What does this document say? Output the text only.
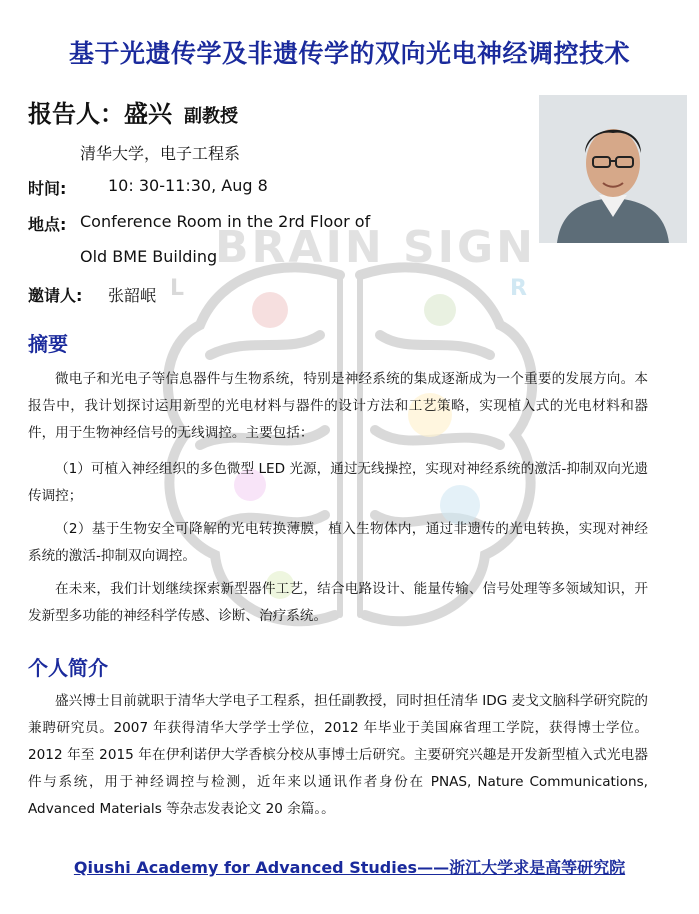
BRAIN SIGN
L	R
基于光遗传学及非遗传学的双向光电神经调控技术
报告人：盛兴 副教授
清华大学，电子工程系
时间:	10: 30-11:30, Aug 8
地点: Conference Room in the 2rd Floor of
Old BME Building
邀请人: 张韶岷
摘要
微电子和光电子等信息器件与生物系统，特别是神经系统的集成逐渐成为一个重要的发展方向。本报告中，我计划探讨运用新型的光电材料与器件的设计方法和工艺策略，实现植入式的光电材料和器件，用于生物神经信号的无线调控。主要包括：
（1）可植入神经组织的多色微型 LED 光源，通过无线操控，实现对神经系统的激活-抑制双向光遗传调控；
（2）基于生物安全可降解的光电转换薄膜，植入生物体内，通过非遗传的光电转换，实现对神经系统的激活-抑制双向调控。
在未来，我们计划继续探索新型器件工艺，结合电路设计、能量传输、信号处理等多领域知识，开发新型多功能的神经科学传感、诊断、治疗系统。
个人简介
盛兴博士目前就职于清华大学电子工程系，担任副教授，同时担任清华 IDG 麦戈文脑科学研究院的兼聘研究员。2007 年获得清华大学学士学位，2012 年毕业于美国麻省理工学院，获得博士学位。2012 年至 2015 年在伊利诺伊大学香槟分校从事博士后研究。主要研究兴趣是开发新型植入式光电器件与系统，用于神经调控与检测，近年来以通讯作者身份在 PNAS, Nature Communications, Advanced Materials 等杂志发表论文 20 余篇。。
Qiushi Academy for Advanced Studies——浙江大学求是高等研究院
